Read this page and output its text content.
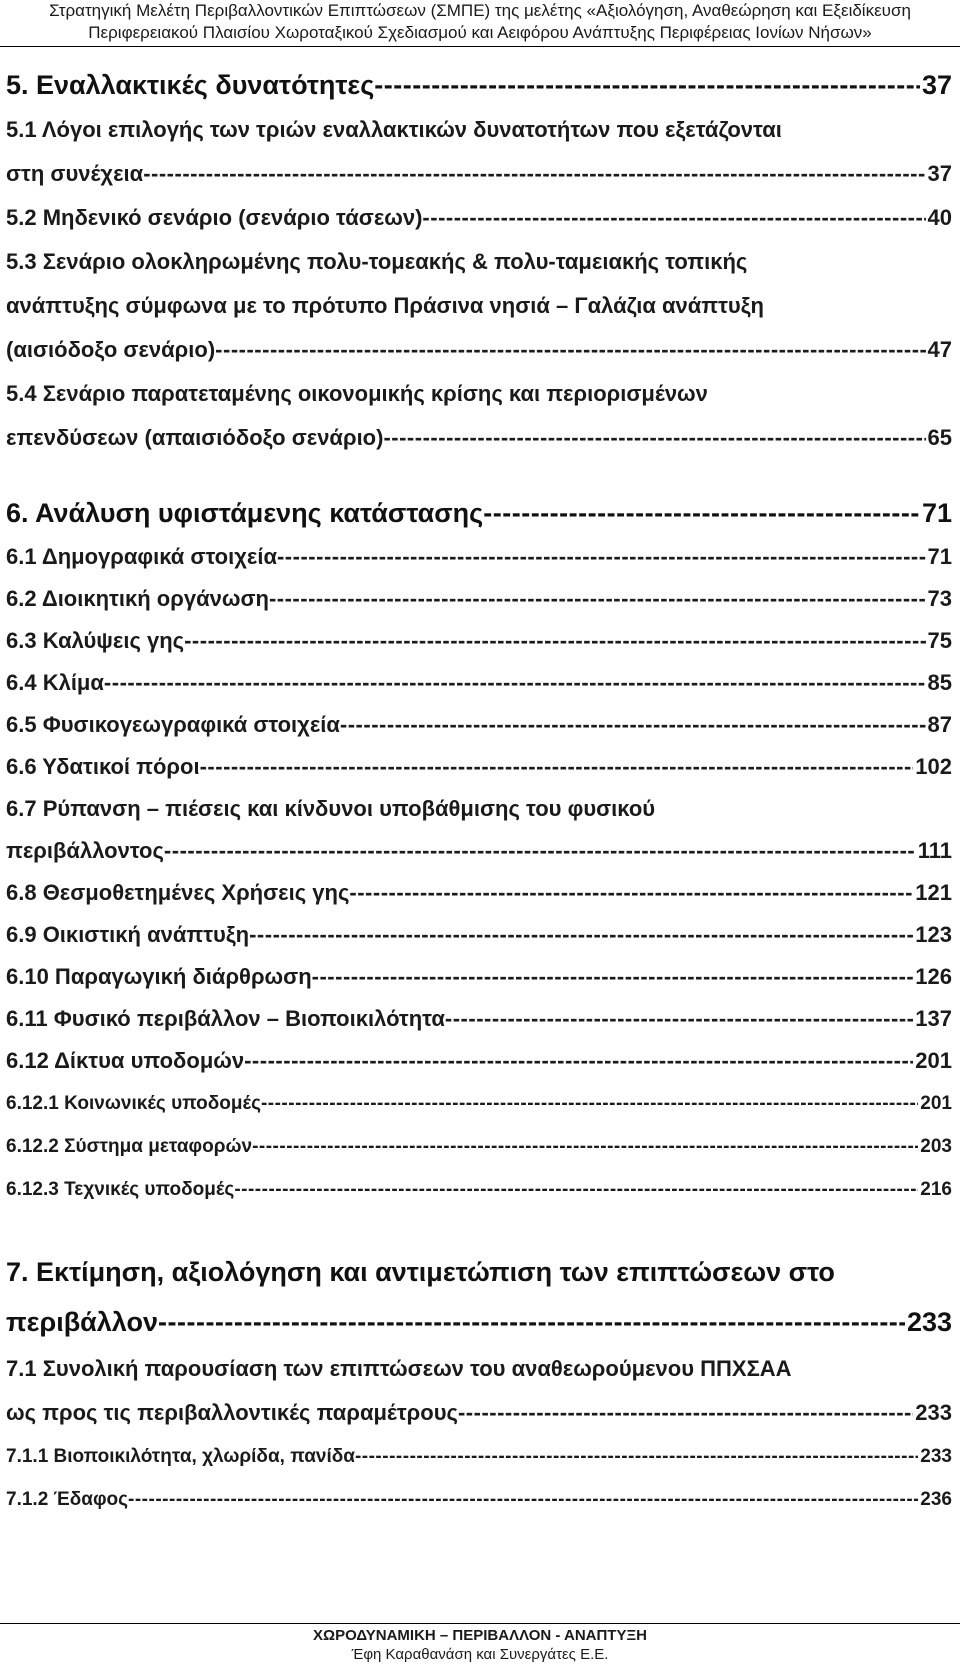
Στρατηγική Μελέτη Περιβαλλοντικών Επιπτώσεων (ΣΜΠΕ) της μελέτης «Αξιολόγηση, Αναθεώρηση και Εξειδίκευση
Περιφερειακού Πλαισίου Χωροταξικού Σχεδιασμού και Αειφόρου Ανάπτυξης Περιφέρειας Ιονίων Νήσων»
5. Εναλλακτικές δυνατότητες -----	37
5.1 Λόγοι επιλογής των τριών εναλλακτικών δυνατοτήτων που εξετάζονται
στη συνέχεια -----	37
5.2 Μηδενικό σενάριο (σενάριο τάσεων) -----	40
5.3 Σενάριο ολοκληρωμένης πολυ-τομεακής & πολυ-ταμειακής τοπικής
ανάπτυξης σύμφωνα με το πρότυπο Πράσινα νησιά – Γαλάζια ανάπτυξη
(αισιόδοξο σενάριο) -----	47
5.4 Σενάριο παρατεταμένης οικονομικής κρίσης και περιορισμένων
επενδύσεων (απαισιόδοξο σενάριο) -----	65
6. Ανάλυση υφιστάμενης κατάστασης -----	71
6.1 Δημογραφικά στοιχεία -----	71
6.2 Διοικητική οργάνωση -----	73
6.3 Καλύψεις γης -----	75
6.4 Κλίμα -----	85
6.5 Φυσικογεωγραφικά στοιχεία -----	87
6.6 Υδατικοί πόροι -----	102
6.7 Ρύπανση – πιέσεις και κίνδυνοι υποβάθμισης του φυσικού
περιβάλλοντος -----	111
6.8 Θεσμοθετημένες Χρήσεις γης -----	121
6.9 Οικιστική ανάπτυξη -----	123
6.10 Παραγωγική διάρθρωση -----	126
6.11 Φυσικό περιβάλλον – Βιοποικιλότητα -----	137
6.12 Δίκτυα υποδομών -----	201
6.12.1 Κοινωνικές υποδομές -----	201
6.12.2 Σύστημα μεταφορών -----	203
6.12.3 Τεχνικές υποδομές -----	216
7. Εκτίμηση, αξιολόγηση και αντιμετώπιση των επιπτώσεων στο
περιβάλλον -----	233
7.1 Συνολική παρουσίαση των επιπτώσεων του αναθεωρούμενου ΠΠΧΣΑΑ
ως προς τις περιβαλλοντικές παραμέτρους -----	233
7.1.1 Βιοποικιλότητα, χλωρίδα, πανίδα -----	233
7.1.2 Έδαφος -----	236
ΧΩΡΟΔΥΝΑΜΙΚΗ – ΠΕΡΙΒΑΛΛΟΝ - ΑΝΑΠΤΥΞΗ
Έφη Καραθανάση και Συνεργάτες Ε.Ε.
